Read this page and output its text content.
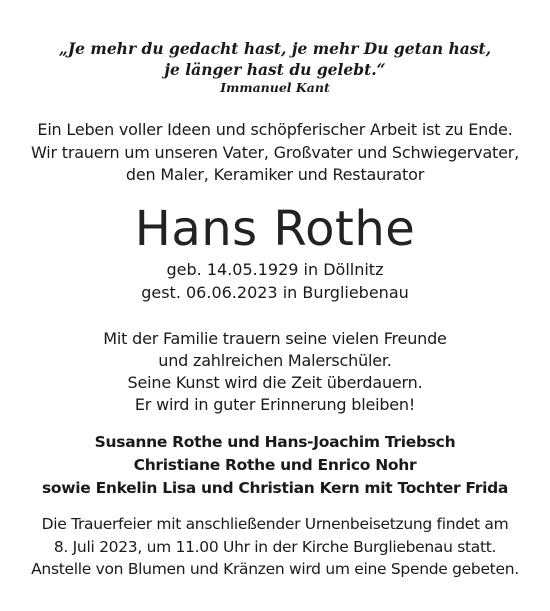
„Je mehr du gedacht hast, je mehr Du getan hast,
je länger hast du gelebt.“
Immanuel Kant
Ein Leben voller Ideen und schöpferischer Arbeit ist zu Ende.
Wir trauern um unseren Vater, Großvater und Schwiegervater,
den Maler, Keramiker und Restaurator
Hans Rothe
geb. 14.05.1929 in Döllnitz
gest. 06.06.2023 in Burgliebenau
Mit der Familie trauern seine vielen Freunde
und zahlreichen Malerschüler.
Seine Kunst wird die Zeit überdauern.
Er wird in guter Erinnerung bleiben!
Susanne Rothe und Hans-Joachim Triebsch
Christiane Rothe und Enrico Nohr
sowie Enkelin Lisa und Christian Kern mit Tochter Frida
Die Trauerfeier mit anschließender Urnenbeisetzung findet am
8. Juli 2023, um 11.00 Uhr in der Kirche Burgliebenau statt.
Anstelle von Blumen und Kränzen wird um eine Spende gebeten.
